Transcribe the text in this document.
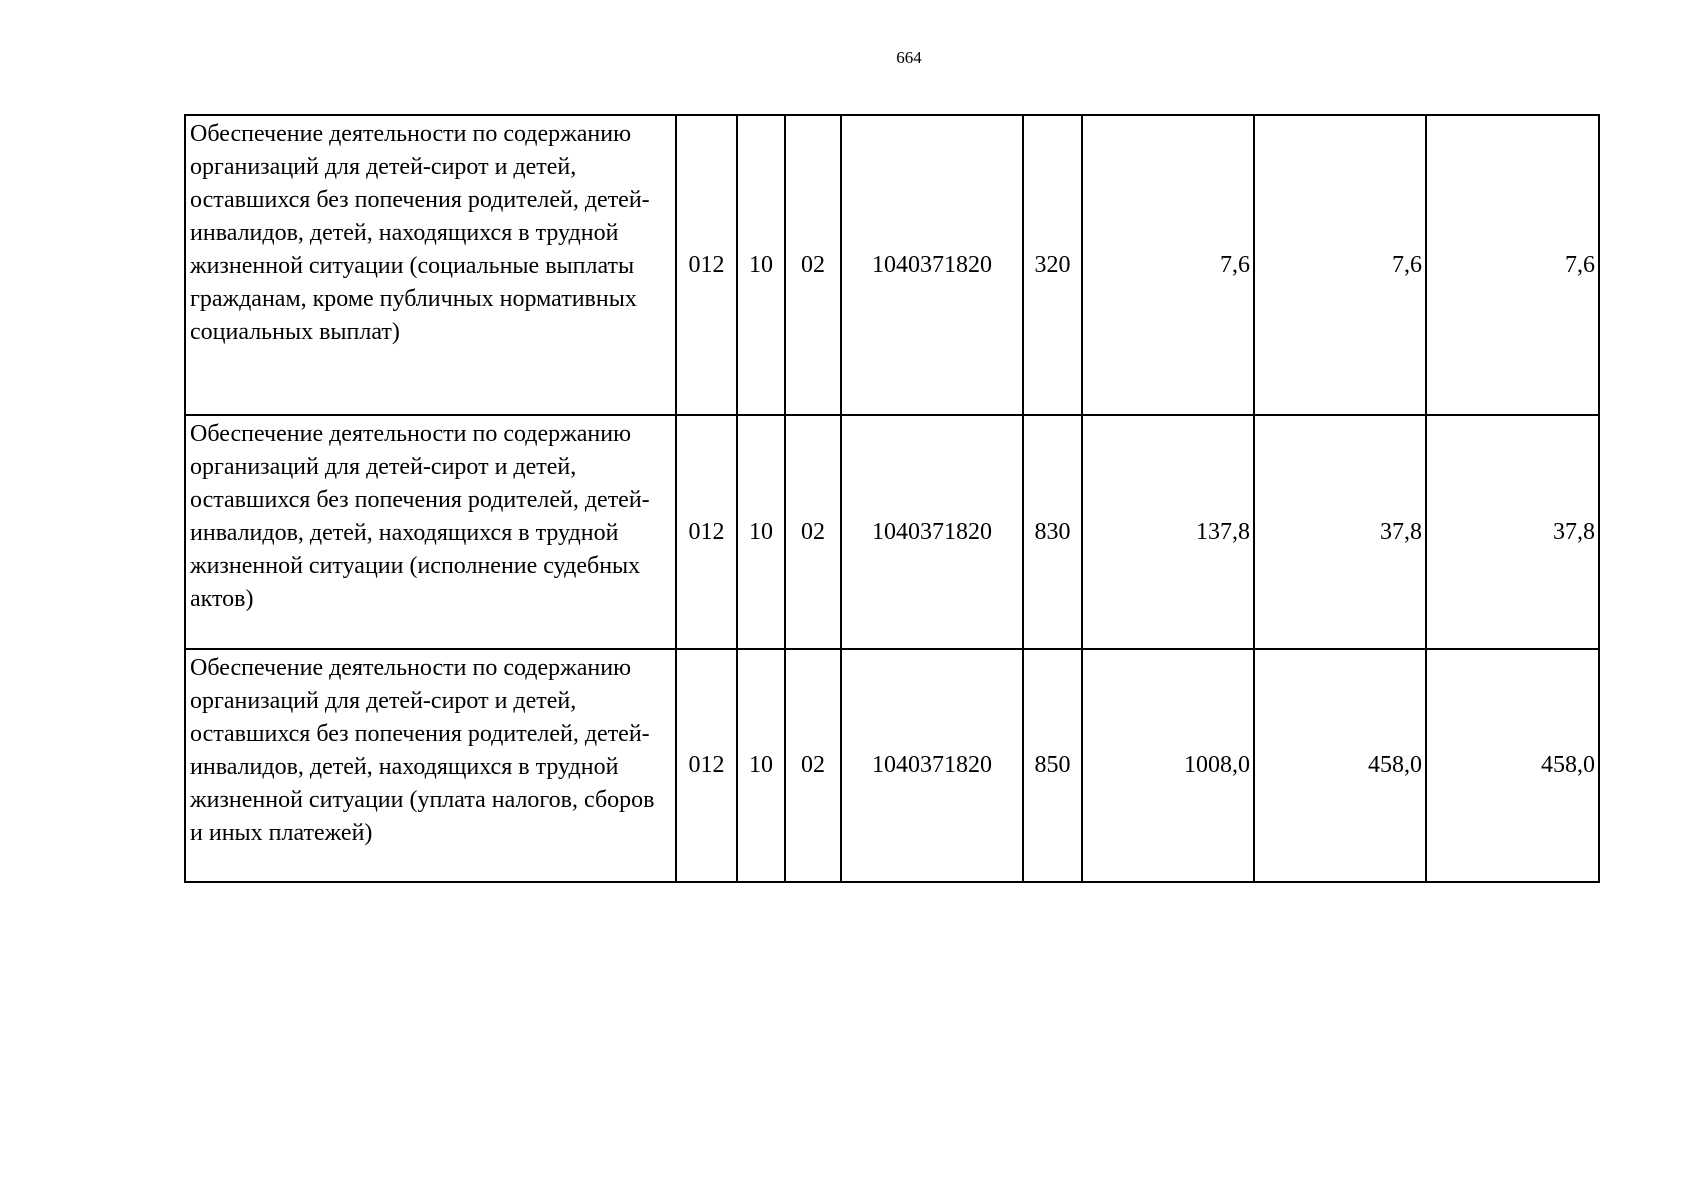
664
Обеспечение деятельности по содержанию организаций для детей-сирот и детей, оставшихся без попечения родителей, детей-инвалидов, детей, находящихся в трудной жизненной ситуации (социальные выплаты гражданам, кроме публичных нормативных социальных выплат)	012	10	02	1040371820	320	7,6	7,6	7,6
Обеспечение деятельности по содержанию организаций для детей-сирот и детей, оставшихся без попечения родителей, детей-инвалидов, детей, находящихся в трудной жизненной ситуации (исполнение судебных актов)	012	10	02	1040371820	830	137,8	37,8	37,8
Обеспечение деятельности по содержанию организаций для детей-сирот и детей, оставшихся без попечения родителей, детей-инвалидов, детей, находящихся в трудной жизненной ситуации (уплата налогов, сборов и иных платежей)	012	10	02	1040371820	850	1008,0	458,0	458,0
